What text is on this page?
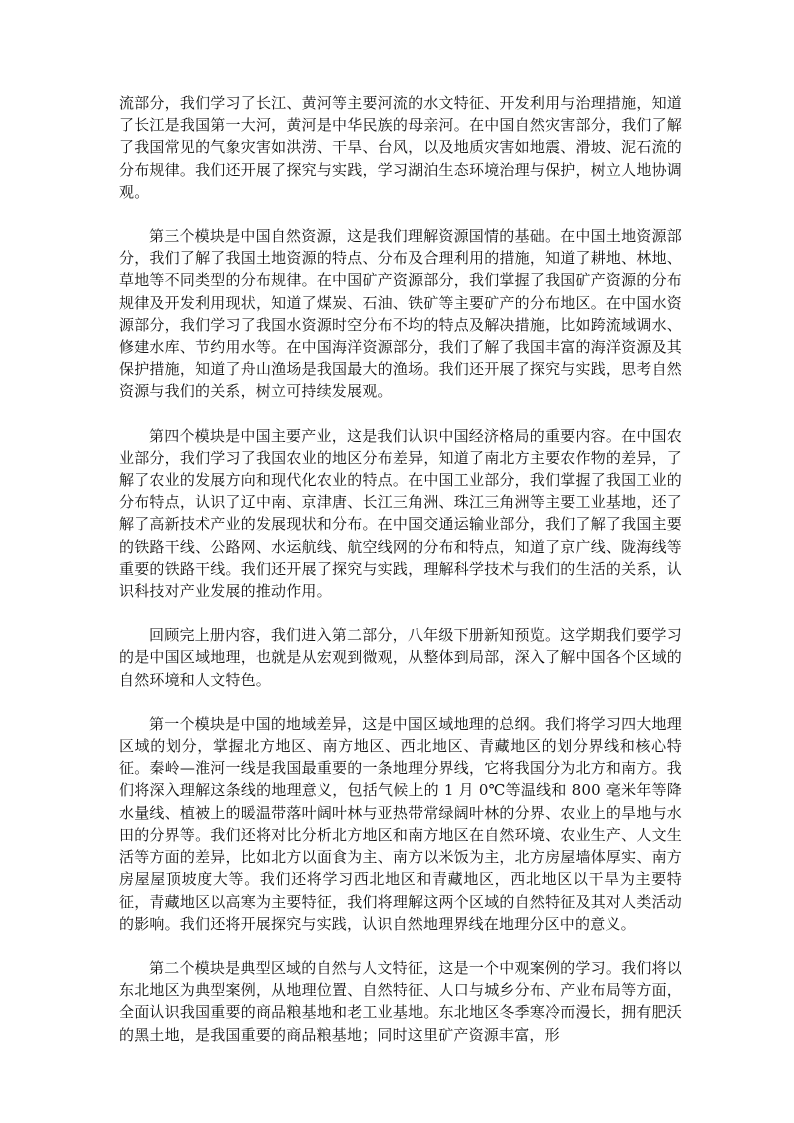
流部分，我们学习了长江、黄河等主要河流的水文特征、开发利用与治理措施，知道了长江是我国第一大河，黄河是中华民族的母亲河。在中国自然灾害部分，我们了解了我国常见的气象灾害如洪涝、干旱、台风，以及地质灾害如地震、滑坡、泥石流的分布规律。我们还开展了探究与实践，学习湖泊生态环境治理与保护，树立人地协调观。

第三个模块是中国自然资源，这是我们理解资源国情的基础。在中国土地资源部分，我们了解了我国土地资源的特点、分布及合理利用的措施，知道了耕地、林地、草地等不同类型的分布规律。在中国矿产资源部分，我们掌握了我国矿产资源的分布规律及开发利用现状，知道了煤炭、石油、铁矿等主要矿产的分布地区。在中国水资源部分，我们学习了我国水资源时空分布不均的特点及解决措施，比如跨流域调水、修建水库、节约用水等。在中国海洋资源部分，我们了解了我国丰富的海洋资源及其保护措施，知道了舟山渔场是我国最大的渔场。我们还开展了探究与实践，思考自然资源与我们的关系，树立可持续发展观。

第四个模块是中国主要产业，这是我们认识中国经济格局的重要内容。在中国农业部分，我们学习了我国农业的地区分布差异，知道了南北方主要农作物的差异，了解了农业的发展方向和现代化农业的特点。在中国工业部分，我们掌握了我国工业的分布特点，认识了辽中南、京津唐、长江三角洲、珠江三角洲等主要工业基地，还了解了高新技术产业的发展现状和分布。在中国交通运输业部分，我们了解了我国主要的铁路干线、公路网、水运航线、航空线网的分布和特点，知道了京广线、陇海线等重要的铁路干线。我们还开展了探究与实践，理解科学技术与我们的生活的关系，认识科技对产业发展的推动作用。

回顾完上册内容，我们进入第二部分，八年级下册新知预览。这学期我们要学习的是中国区域地理，也就是从宏观到微观，从整体到局部，深入了解中国各个区域的自然环境和人文特色。

第一个模块是中国的地域差异，这是中国区域地理的总纲。我们将学习四大地理区域的划分，掌握北方地区、南方地区、西北地区、青藏地区的划分界线和核心特征。秦岭—淮河一线是我国最重要的一条地理分界线，它将我国分为北方和南方。我们将深入理解这条线的地理意义，包括气候上的 1 月 0℃等温线和 800 毫米年等降水量线、植被上的暖温带落叶阔叶林与亚热带常绿阔叶林的分界、农业上的旱地与水田的分界等。我们还将对比分析北方地区和南方地区在自然环境、农业生产、人文生活等方面的差异，比如北方以面食为主、南方以米饭为主，北方房屋墙体厚实、南方房屋屋顶坡度大等。我们还将学习西北地区和青藏地区，西北地区以干旱为主要特征，青藏地区以高寒为主要特征，我们将理解这两个区域的自然特征及其对人类活动的影响。我们还将开展探究与实践，认识自然地理界线在地理分区中的意义。

第二个模块是典型区域的自然与人文特征，这是一个中观案例的学习。我们将以东北地区为典型案例，从地理位置、自然特征、人口与城乡分布、产业布局等方面，全面认识我国重要的商品粮基地和老工业基地。东北地区冬季寒冷而漫长，拥有肥沃的黑土地，是我国重要的商品粮基地；同时这里矿产资源丰富，形
